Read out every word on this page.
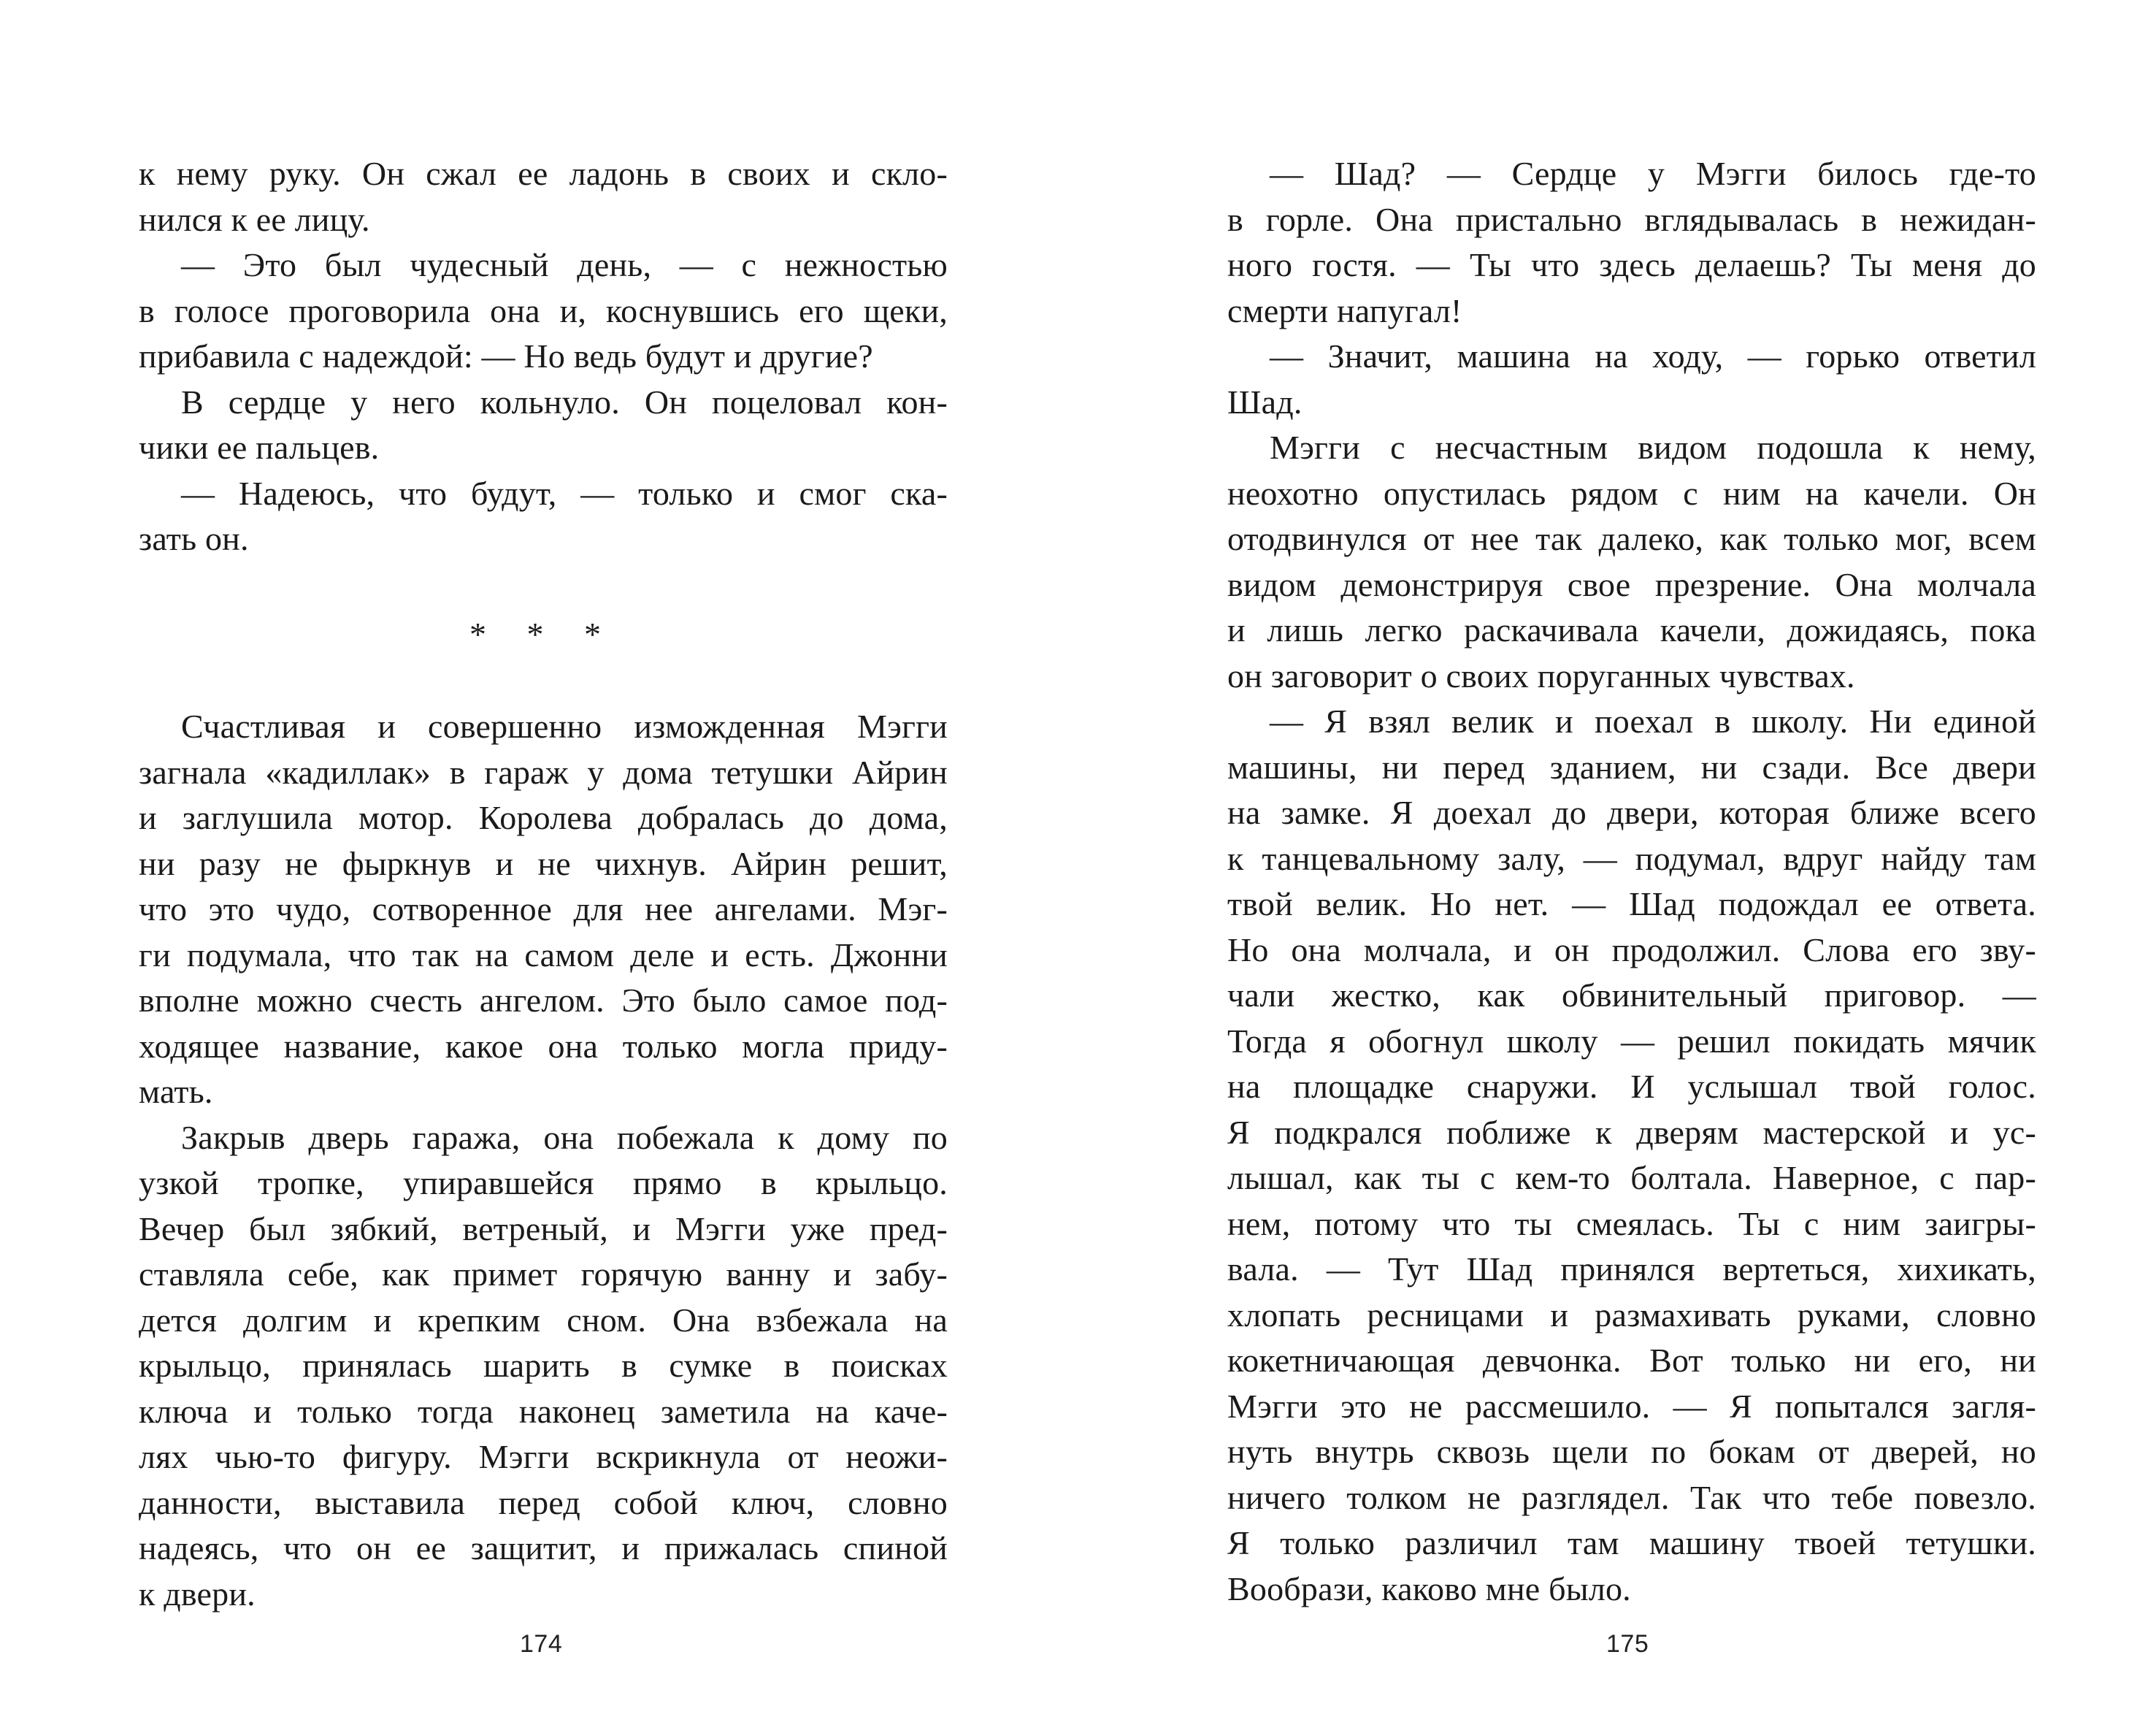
к нему руку. Он сжал ее ладонь в своих и скло-
нился к ее лицу.
— Это был чудесный день, — с нежностью
в голосе проговорила она и, коснувшись его щеки,
прибавила с надеждой: — Но ведь будут и другие?
В сердце у него кольнуло. Он поцеловал кон-
чики ее пальцев.
— Надеюсь, что будут, — только и смог ска-
зать он.
* * *
Счастливая и совершенно изможденная Мэгги
загнала «кадиллак» в гараж у дома тетушки Айрин
и заглушила мотор. Королева добралась до дома,
ни разу не фыркнув и не чихнув. Айрин решит,
что это чудо, сотворенное для нее ангелами. Мэг-
ги подумала, что так на самом деле и есть. Джонни
вполне можно счесть ангелом. Это было самое под-
ходящее название, какое она только могла приду-
мать.
Закрыв дверь гаража, она побежала к дому по
узкой тропке, упиравшейся прямо в крыльцо.
Вечер был зябкий, ветреный, и Мэгги уже пред-
ставляла себе, как примет горячую ванну и забу-
дется долгим и крепким сном. Она взбежала на
крыльцо, принялась шарить в сумке в поисках
ключа и только тогда наконец заметила на каче-
лях чью-то фигуру. Мэгги вскрикнула от неожи-
данности, выставила перед собой ключ, словно
надеясь, что он ее защитит, и прижалась спиной
к двери.
174
— Шад? — Сердце у Мэгги билось где-то
в горле. Она пристально вглядывалась в нежидан-
ного гостя. — Ты что здесь делаешь? Ты меня до
смерти напугал!
— Значит, машина на ходу, — горько ответил
Шад.
Мэгги с несчастным видом подошла к нему,
неохотно опустилась рядом с ним на качели. Он
отодвинулся от нее так далеко, как только мог, всем
видом демонстрируя свое презрение. Она молчала
и лишь легко раскачивала качели, дожидаясь, пока
он заговорит о своих поруганных чувствах.
— Я взял велик и поехал в школу. Ни единой
машины, ни перед зданием, ни сзади. Все двери
на замке. Я доехал до двери, которая ближе всего
к танцевальному залу, — подумал, вдруг найду там
твой велик. Но нет. — Шад подождал ее ответа.
Но она молчала, и он продолжил. Слова его зву-
чали жестко, как обвинительный приговор. —
Тогда я обогнул школу — решил покидать мячик
на площадке снаружи. И услышал твой голос.
Я подкрался поближе к дверям мастерской и ус-
лышал, как ты с кем-то болтала. Наверное, с пар-
нем, потому что ты смеялась. Ты с ним заигры-
вала. — Тут Шад принялся вертеться, хихикать,
хлопать ресницами и размахивать руками, словно
кокетничающая девчонка. Вот только ни его, ни
Мэгги это не рассмешило. — Я попытался загля-
нуть внутрь сквозь щели по бокам от дверей, но
ничего толком не разглядел. Так что тебе повезло.
Я только различил там машину твоей тетушки.
Вообрази, каково мне было.
175
